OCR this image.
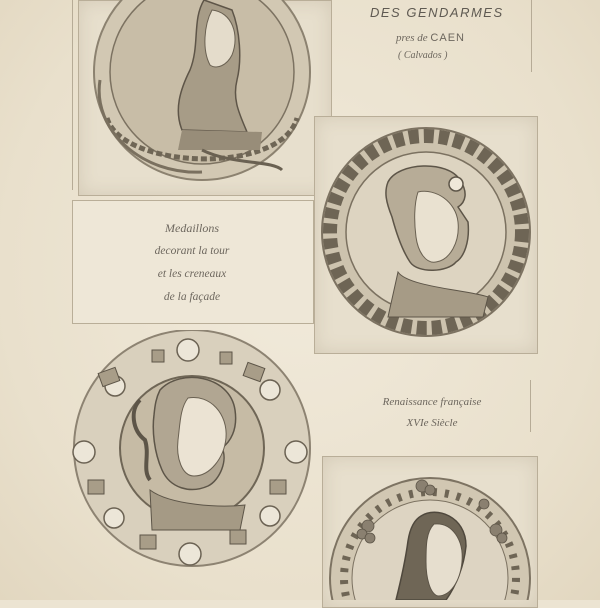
DES GENDARMES
pres de CAEN
( Calvados )
Medaillons
decorant la tour
et les creneaux
de la façade
Renaissance française
XVIe Siècle
